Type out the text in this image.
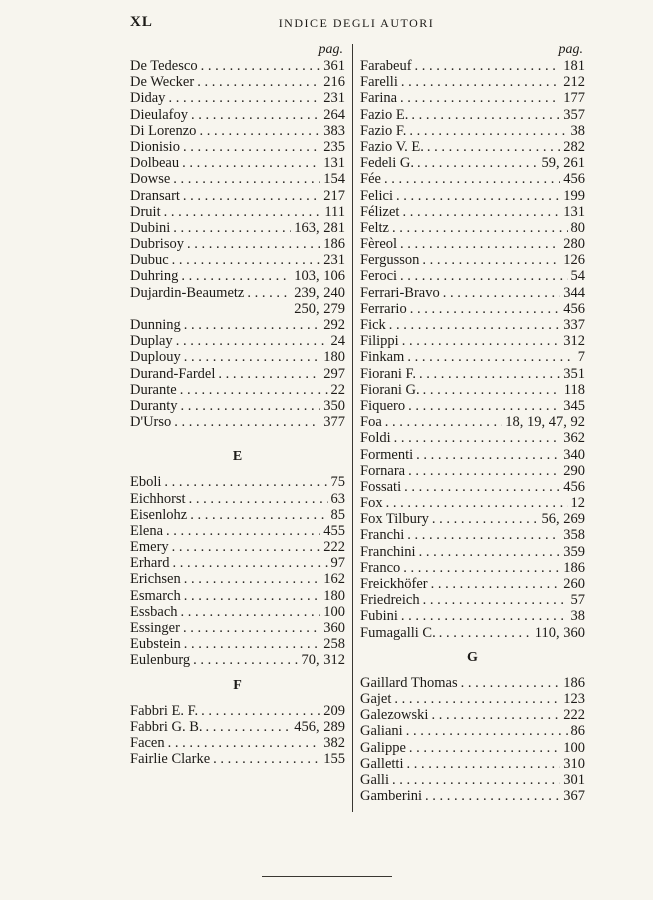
XL	INDICE DEGLI AUTORI
pag.
De Tedesco . . .	361
De Wecker . . .	216
Diday . . .	231
Dieulafoy . . .	264
Di Lorenzo . . .	383
Dionisio . . .	235
Dolbeau . . .	131
Dowse . . .	154
Dransart . . .	217
Druit . . .	111
Dubini . . .	163, 281
Dubrisoy . . .	186
Dubuc . . .	231
Duhring . . .	103, 106
Dujardin-Beaumetz . . .	239, 240
250, 279
Dunning . . .	292
Duplay . . .	24
Duplouy . . .	180
Durand-Fardel . . .	297
Durante . . .	22
Duranty . . .	350
D'Urso . . .	377
E
Eboli . . .	75
Eichhorst . . .	63
Eisenlohz . . .	85
Elena . . .	455
Emery . . .	222
Erhard . . .	97
Erichsen . . .	162
Esmarch . . .	180
Essbach . . .	100
Essinger . . .	360
Eubstein . . .	258
Eulenburg . . .	70, 312
F
Fabbri E. F. . . .	209
Fabbri G. B. . . .	456, 289
Facen . . .	382
Fairlie Clarke . . .	155
pag.
Farabeuf . . .	181
Farelli . . .	212
Farina . . .	177
Fazio E. . . .	357
Fazio F. . . .	38
Fazio V. E. . . .	282
Fedeli G. . . .	59, 261
Fée . . .	456
Felici . . .	199
Félizet . . .	131
Feltz . . .	80
Fèreol . . .	280
Fergusson . . .	126
Feroci . . .	54
Ferrari-Bravo . . .	344
Ferrario . . .	456
Fick . . .	337
Filippi . . .	312
Finkam . . .	7
Fiorani F. . . .	351
Fiorani G. . . .	118
Fiquero . . .	345
Foa . . .	18, 19, 47, 92
Foldi . . .	362
Formenti . . .	340
Fornara . . .	290
Fossati . . .	456
Fox . . .	12
Fox Tilbury . . .	56, 269
Franchi . . .	358
Franchini . . .	359
Franco . . .	186
Freickhöfer . . .	260
Friedreich . . .	57
Fubini . . .	38
Fumagalli C. . . .	110, 360
G
Gaillard Thomas . . .	186
Gajet . . .	123
Galezowski . . .	222
Galiani . . .	86
Galippe . . .	100
Galletti . . .	310
Galli . . .	301
Gamberini . . .	367
